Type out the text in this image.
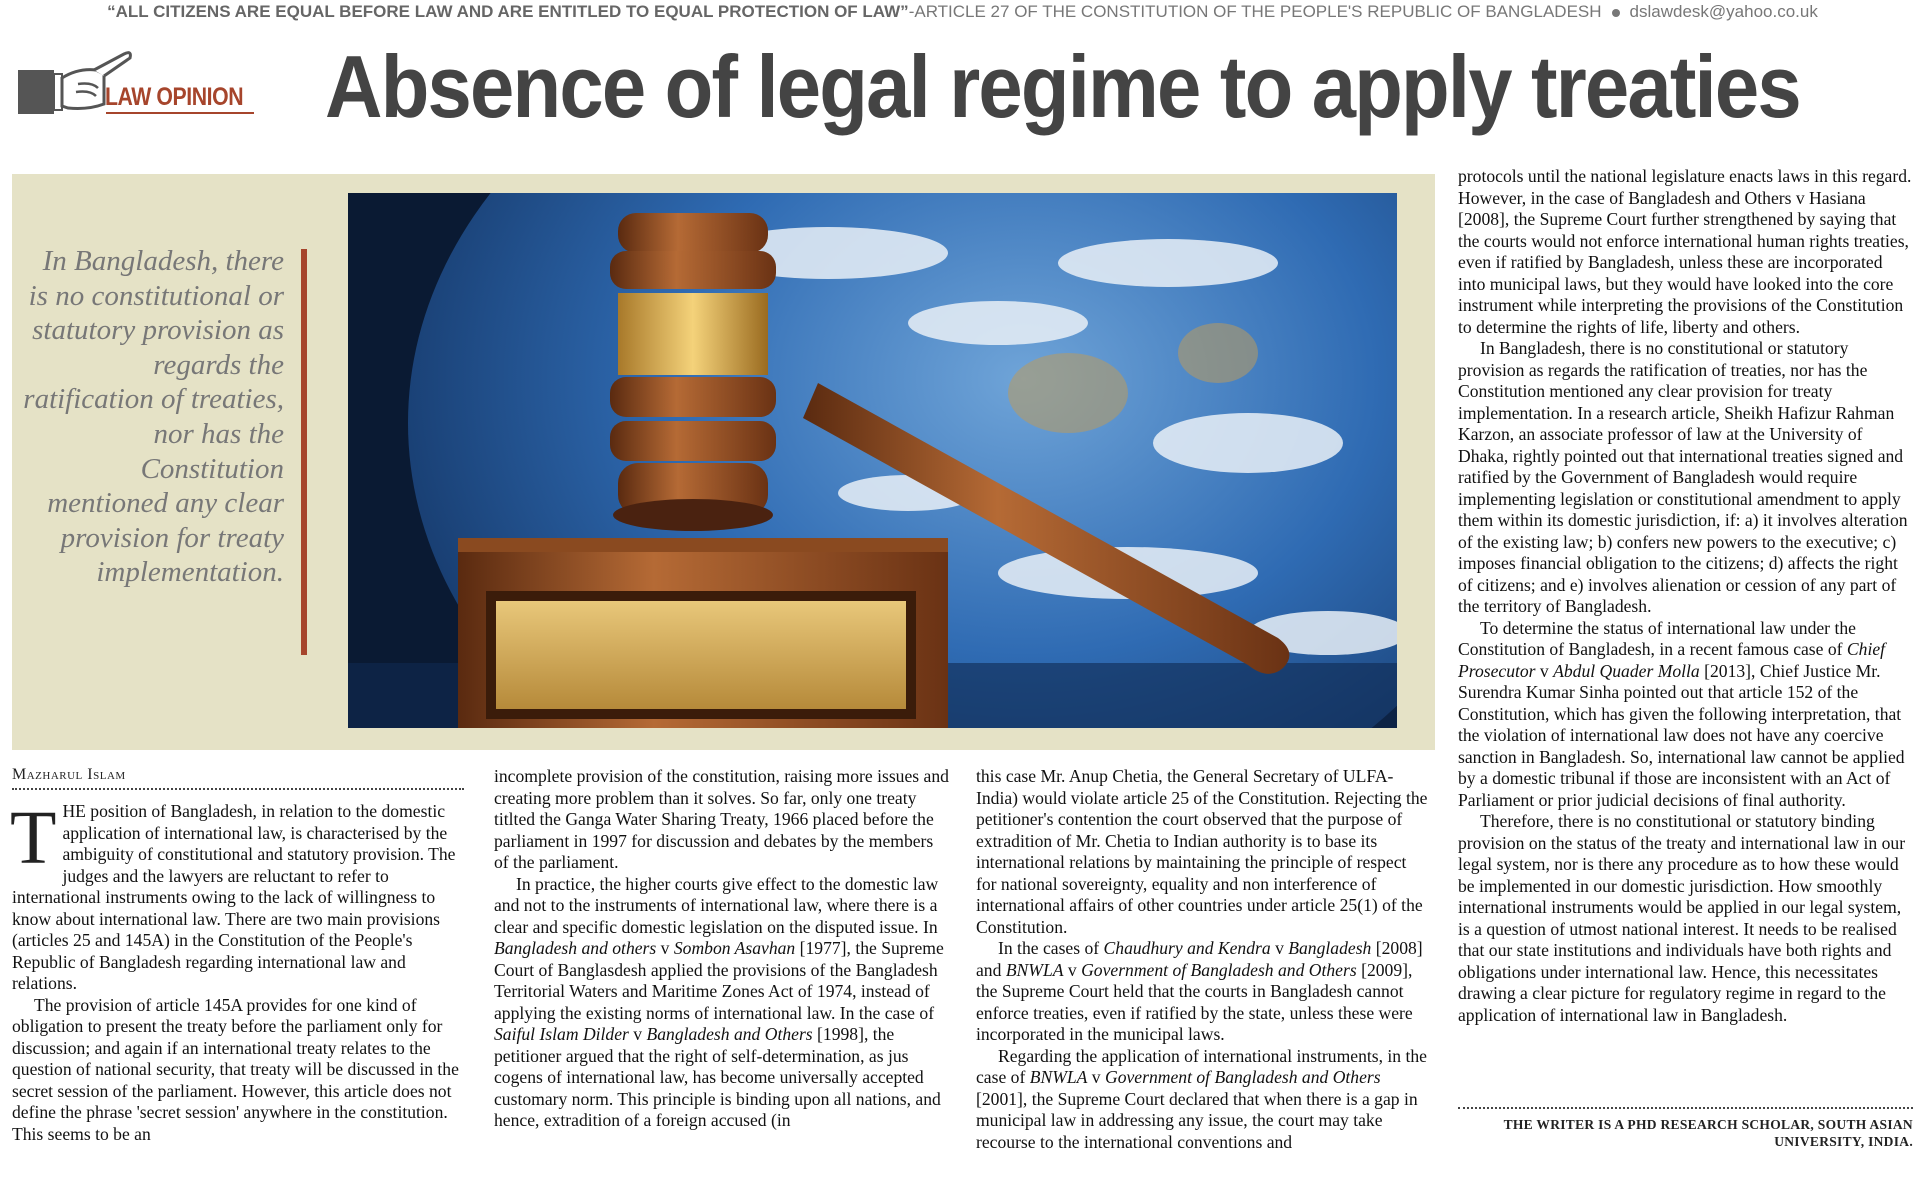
“ALL CITIZENS ARE EQUAL BEFORE LAW AND ARE ENTITLED TO EQUAL PROTECTION OF LAW”-ARTICLE 27 OF THE CONSTITUTION OF THE PEOPLE'S REPUBLIC OF BANGLADESH dslawdesk@yahoo.co.uk
LAW OPINION Absence of legal regime to apply treaties
In Bangladesh, there is no constitutional or statutory provision as regards the ratification of treaties, nor has the Constitution mentioned any clear provision for treaty implementation.
Mazharul Islam
T HE position of Bangladesh, in relation to the domestic application of international law, is characterised by the ambiguity of constitutional and statutory provision. The judges and the lawyers are reluctant to refer to international instruments owing to the lack of willingness to know about international law. There are two main provisions (articles 25 and 145A) in the Constitution of the People's Republic of Bangladesh regarding international law and relations.

The provision of article 145A provides for one kind of obligation to present the treaty before the parliament only for discussion; and again if an international treaty relates to the question of national security, that treaty will be discussed in the secret session of the parliament. However, this article does not define the phrase 'secret session' anywhere in the constitution. This seems to be an

incomplete provision of the constitution, raising more issues and creating more problem than it solves. So far, only one treaty titlted the Ganga Water Sharing Treaty, 1966 placed before the parliament in 1997 for discussion and debates by the members of the parliament.

In practice, the higher courts give effect to the domestic law and not to the instruments of international law, where there is a clear and specific domestic legislation on the disputed issue. In Bangladesh and others v Sombon Asavhan [1977], the Supreme Court of Banglasdesh applied the provisions of the Bangladesh Territorial Waters and Maritime Zones Act of 1974, instead of applying the existing norms of international law. In the case of Saiful Islam Dilder v Bangladesh and Others [1998], the petitioner argued that the right of self-determination, as jus cogens of international law, has become universally accepted customary norm. This principle is binding upon all nations, and hence, extradition of a foreign accused (in

this case Mr. Anup Chetia, the General Secretary of ULFA-India) would violate article 25 of the Constitution. Rejecting the petitioner's contention the court observed that the purpose of extradition of Mr. Chetia to Indian authority is to base its international relations by maintaining the principle of respect for national sovereignty, equality and non interference of international affairs of other countries under article 25(1) of the Constitution.

In the cases of Chaudhury and Kendra v Bangladesh [2008] and BNWLA v Government of Bangladesh and Others [2009], the Supreme Court held that the courts in Bangladesh cannot enforce treaties, even if ratified by the state, unless these were incorporated in the municipal laws.

Regarding the application of international instruments, in the case of BNWLA v Government of Bangladesh and Others [2001], the Supreme Court declared that when there is a gap in municipal law in addressing any issue, the court may take recourse to the international conventions and

protocols until the national legislature enacts laws in this regard. However, in the case of Bangladesh and Others v Hasiana [2008], the Supreme Court further strengthened by saying that the courts would not enforce international human rights treaties, even if ratified by Bangladesh, unless these are incorporated into municipal laws, but they would have looked into the core instrument while interpreting the provisions of the Constitution to determine the rights of life, liberty and others.

In Bangladesh, there is no constitutional or statutory provision as regards the ratification of treaties, nor has the Constitution mentioned any clear provision for treaty implementation. In a research article, Sheikh Hafizur Rahman Karzon, an associate professor of law at the University of Dhaka, rightly pointed out that international treaties signed and ratified by the Government of Bangladesh would require implementing legislation or constitutional amendment to apply them within its domestic jurisdiction, if: a) it involves alteration of the existing law; b) confers new powers to the executive; c) imposes financial obligation to the citizens; d) affects the right of citizens; and e) involves alienation or cession of any part of the territory of Bangladesh.

To determine the status of international law under the Constitution of Bangladesh, in a recent famous case of Chief Prosecutor v Abdul Quader Molla [2013], Chief Justice Mr. Surendra Kumar Sinha pointed out that article 152 of the Constitution, which has given the following interpretation, that the violation of international law does not have any coercive sanction in Bangladesh. So, international law cannot be applied by a domestic tribunal if those are inconsistent with an Act of Parliament or prior judicial decisions of final authority.

Therefore, there is no constitutional or statutory binding provision on the status of the treaty and international law in our legal system, nor is there any procedure as to how these would be implemented in our domestic jurisdiction. How smoothly international instruments would be applied in our legal system, is a question of utmost national interest. It needs to be realised that our state institutions and individuals have both rights and obligations under international law. Hence, this necessitates drawing a clear picture for regulatory regime in regard to the application of international law in Bangladesh.

THE WRITER IS A PHD RESEARCH SCHOLAR, SOUTH ASIAN UNIVERSITY, INDIA.
